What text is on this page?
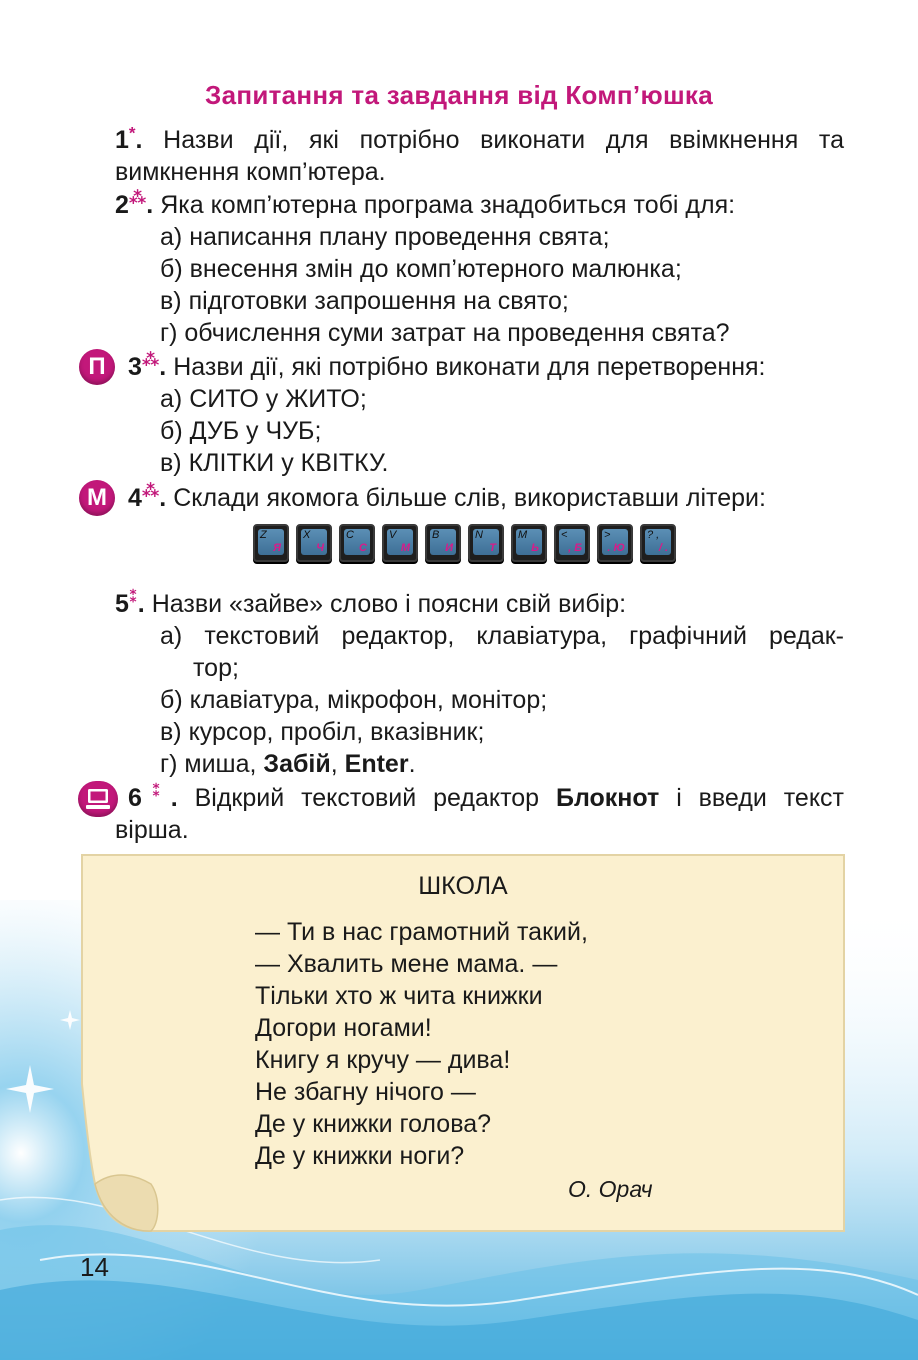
Запитання та завдання від Комп’юшка
1*. Назви дії, які потрібно виконати для ввімкнення та
вимкнення комп’ютера.
2⁂. Яка комп’ютерна програма знадобиться тобі для:
а) написання плану проведення свята;
б) внесення змін до комп’ютерного малюнка;
в) підготовки запрошення на свято;
г) обчислення суми затрат на проведення свята?
П 3⁂. Назви дії, які потрібно виконати для перетворення:
а) СИТО у ЖИТО;
б) ДУБ у ЧУБ;
в) КЛІТКИ у КВІТКУ.
М 4⁂. Склади якомога більше слів, використавши літери:
Z
Я
X
Ч
C
С
V
М
B
И
N
Т
M
Ь
<
, Б
>
. Ю
? ,
/ .
5⁑. Назви «зайве» слово і поясни свій вибір:
а) текстовий редактор, клавіатура, графічний редак-
тор;
б) клавіатура, мікрофон, монітор;
в) курсор, пробіл, вказівник;
г) миша, Забій, Enter.
6⁑. Відкрий текстовий редактор Блокнот і введи текст
вірша.
ШКОЛА
— Ти в нас грамотний такий,
— Хвалить мене мама. —
Тільки хто ж чита книжки
Догори ногами!
Книгу я кручу — дива!
Не збагну нічого —
Де у книжки голова?
Де у книжки ноги?
О. Орач
14
